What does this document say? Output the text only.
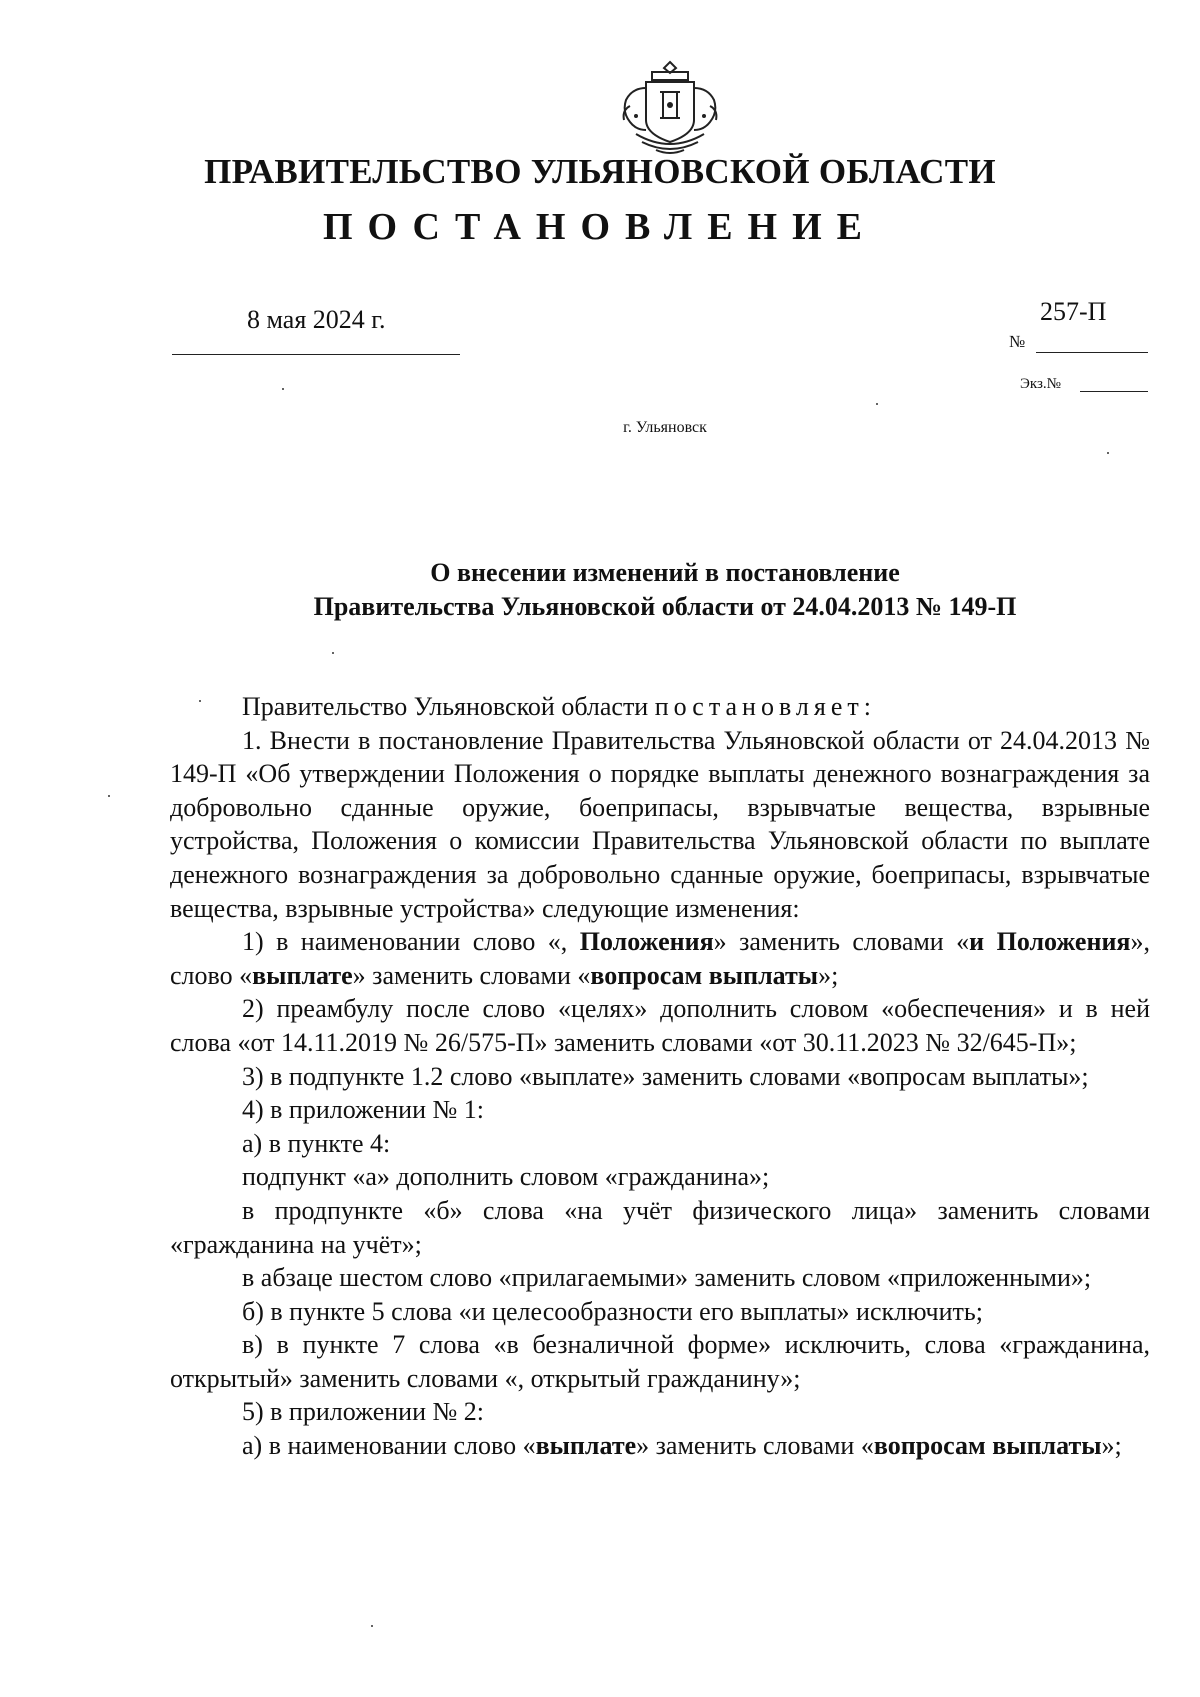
ПРАВИТЕЛЬСТВО УЛЬЯНОВСКОЙ ОБЛАСТИ
ПОСТАНОВЛЕНИЕ
8 мая 2024 г.	257-П
№
Экз.№
г. Ульяновск
О внесении изменений в постановление
Правительства Ульяновской области от 24.04.2013 № 149-П

Правительство Ульяновской области постановляет:

1. Внести в постановление Правительства Ульяновской области от 24.04.2013 № 149-П «Об утверждении Положения о порядке выплаты денежного вознаграждения за добровольно сданные оружие, боеприпасы, взрывчатые вещества, взрывные устройства, Положения о комиссии Правительства Ульяновской области по выплате денежного вознаграждения за добровольно сданные оружие, боеприпасы, взрывчатые вещества, взрывные устройства» следующие изменения:

1) в наименовании слово «, Положения» заменить словами «и Положения», слово «выплате» заменить словами «вопросам выплаты»;

2) преамбулу после слово «целях» дополнить словом «обеспечения» и в ней слова «от 14.11.2019 № 26/575-П» заменить словами «от 30.11.2023 № 32/645-П»;

3) в подпункте 1.2 слово «выплате» заменить словами «вопросам выплаты»;

4) в приложении № 1:

а) в пункте 4:

подпункт «а» дополнить словом «гражданина»;

в продпункте «б» слова «на учёт физического лица» заменить словами «гражданина на учёт»;

в абзаце шестом слово «прилагаемыми» заменить словом «приложенными»;

б) в пункте 5 слова «и целесообразности его выплаты» исключить;

в) в пункте 7 слова «в безналичной форме» исключить, слова «гражданина, открытый» заменить словами «, открытый гражданину»;

5) в приложении № 2:

а) в наименовании слово «выплате» заменить словами «вопросам выплаты»;
